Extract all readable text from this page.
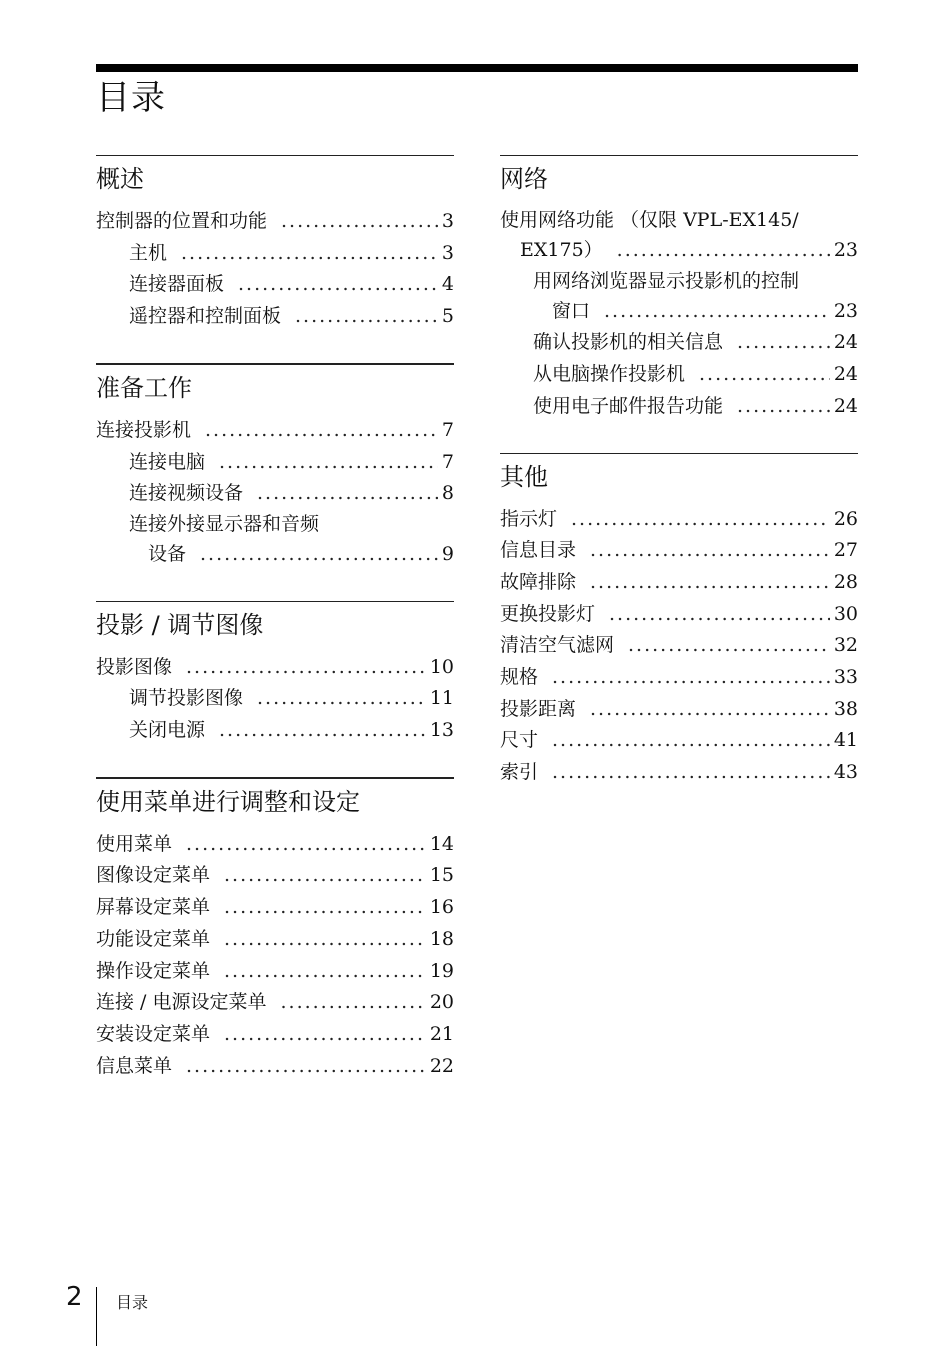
目录
概述
控制器的位置和功能 .....	3
主机 .....	3
连接器面板 .....	4
遥控器和控制面板 .....	5
准备工作
连接投影机 .....	7
连接电脑 .....	7
连接视频设备 .....	8
连接外接显示器和音频
设备 .....	9
投影 / 调节图像
投影图像 .....	10
调节投影图像 .....	11
关闭电源 .....	13
使用菜单进行调整和设定
使用菜单 .....	14
图像设定菜单 .....	15
屏幕设定菜单 .....	16
功能设定菜单 .....	18
操作设定菜单 .....	19
连接 / 电源设定菜单 .....	20
安装设定菜单 .....	21
信息菜单 .....	22
网络
使用网络功能 （仅限 VPL-EX145/
EX175） .....	23
用网络浏览器显示投影机的控制
窗口 .....	23
确认投影机的相关信息 .....	24
从电脑操作投影机 .....	24
使用电子邮件报告功能 .....	24
其他
指示灯 .....	26
信息目录 .....	27
故障排除 .....	28
更换投影灯 .....	30
清洁空气滤网 .....	32
规格 .....	33
投影距离 .....	38
尺寸 .....	41
索引 .....	43
2 目录
